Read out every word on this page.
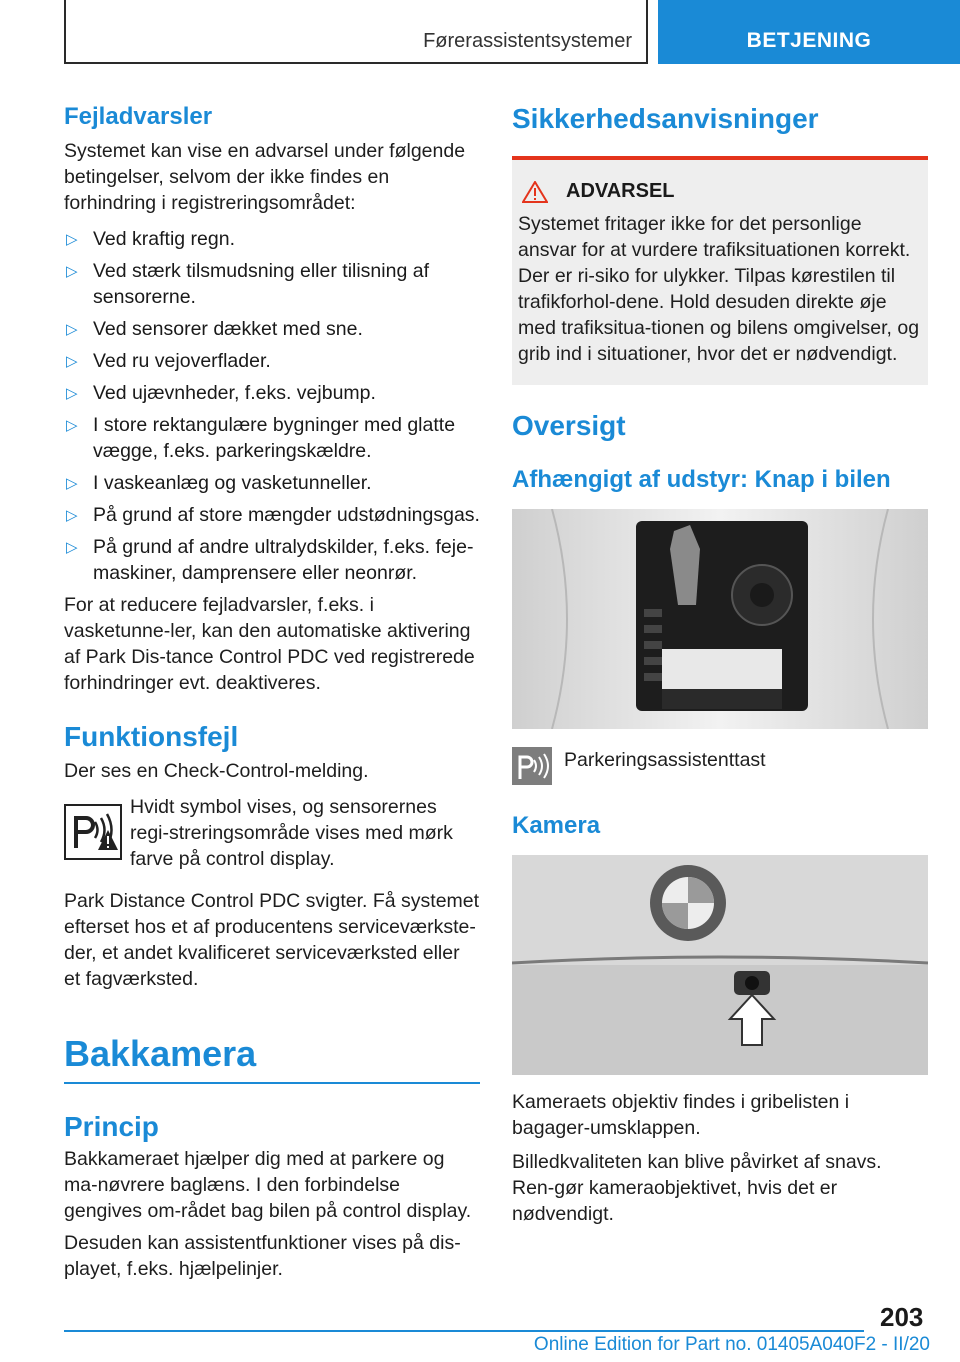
Førerassistentsystemer	BETJENING
Fejladvarsler

Systemet kan vise en advarsel under følgende betingelser, selvom der ikke findes en forhindring i registreringsområdet:

▷ Ved kraftig regn.
▷ Ved stærk tilsmudsning eller tilisning af sensorerne.
▷ Ved sensorer dækket med sne.
▷ Ved ru vejoverflader.
▷ Ved ujævnheder, f.eks. vejbump.
▷ I store rektangulære bygninger med glatte vægge, f.eks. parkeringskældre.
▷ I vaskeanlæg og vasketunneller.
▷ På grund af store mængder udstødningsgas.
▷ På grund af andre ultralydskilder, f.eks. feje-maskiner, damprensere eller neonrør.

For at reducere fejladvarsler, f.eks. i vasketunne-ler, kan den automatiske aktivering af Park Dis-tance Control PDC ved registrerede forhindringer evt. deaktiveres.

Funktionsfejl

Der ses en Check-Control-melding.

Hvidt symbol vises, og sensorernes regi-streringsområde vises med mørk farve på control display.

Park Distance Control PDC svigter. Få systemet efterset hos et af producentens serviceværkste-der, et andet kvalificeret serviceværksted eller et fagværksted.

Bakkamera
Princip

Bakkameraet hjælper dig med at parkere og ma-nøvrere baglæns. I den forbindelse gengives om-rådet bag bilen på control display.

Desuden kan assistentfunktioner vises på dis-playet, f.eks. hjælpelinjer.

Sikkerhedsanvisninger
ADVARSEL

Systemet fritager ikke for det personlige ansvar for at vurdere trafiksituationen korrekt. Der er ri-siko for ulykker. Tilpas kørestilen til trafikforhol-dene. Hold desuden direkte øje med trafiksitua-tionen og bilens omgivelser, og grib ind i situationer, hvor det er nødvendigt.

Oversigt
Afhængigt af udstyr: Knap i bilen

Parkeringsassistenttast

Kamera

Kameraets objektiv findes i gribelisten i bagager-umsklappen.

Billedkvaliteten kan blive påvirket af snavs. Ren-gør kameraobjektivet, hvis det er nødvendigt.

203
Online Edition for Part no. 01405A040F2 - II/20
